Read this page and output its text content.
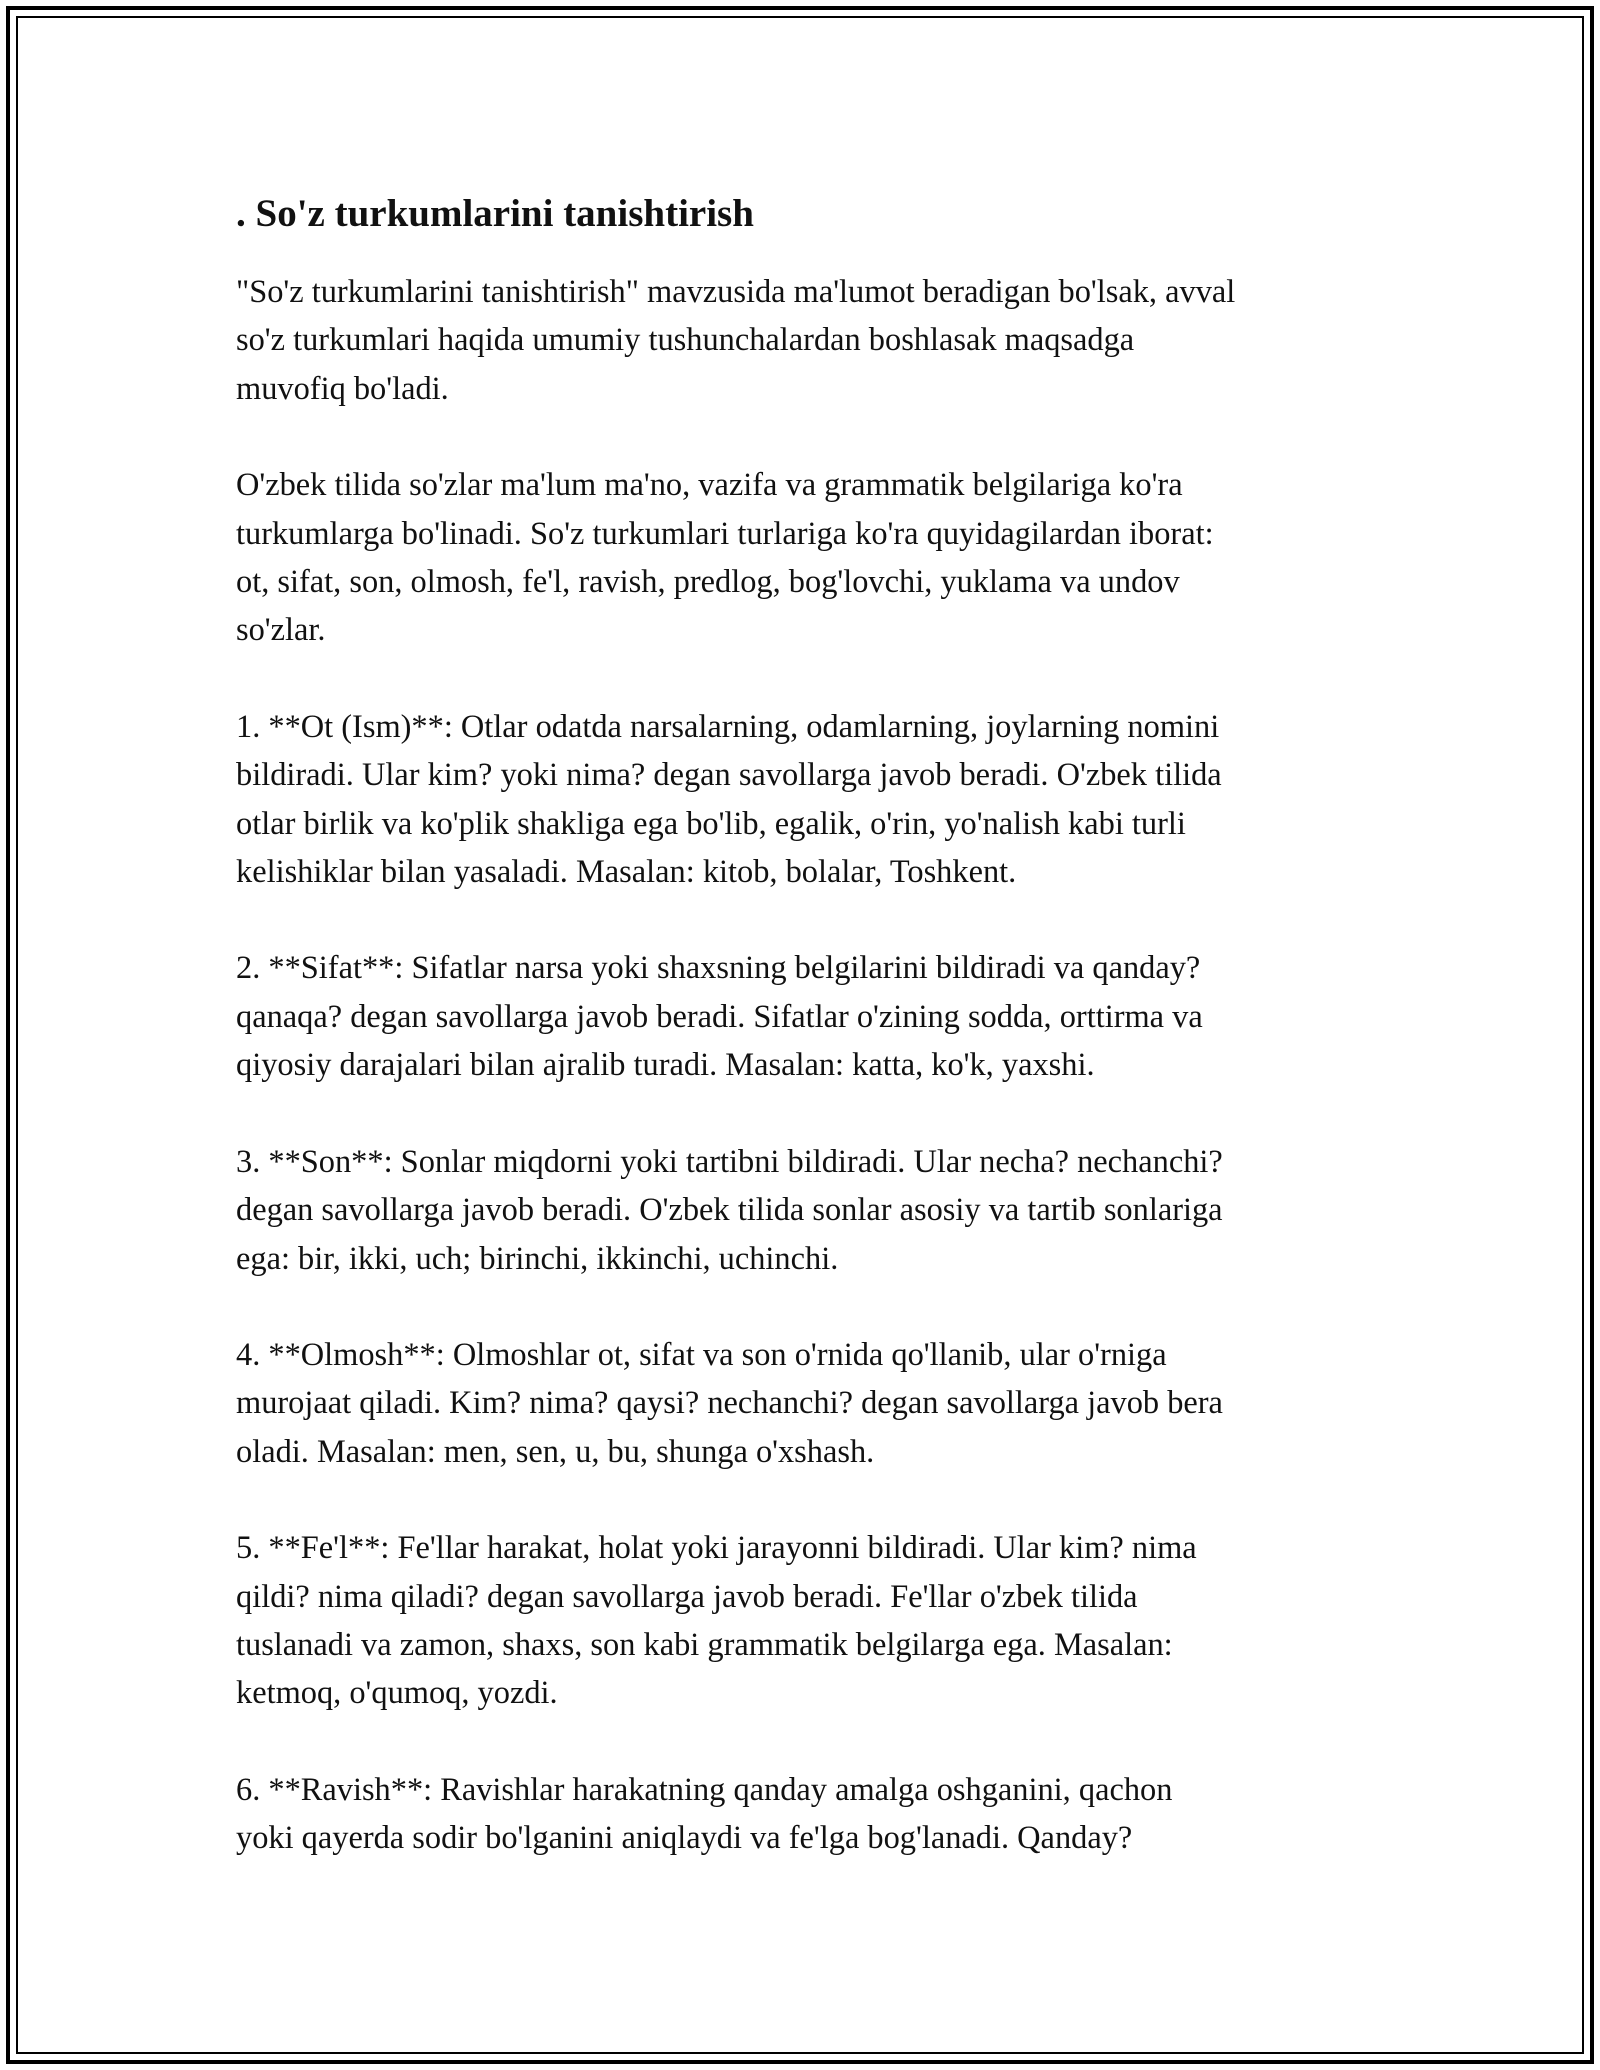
. So'z turkumlarini tanishtirish

"So'z turkumlarini tanishtirish" mavzusida ma'lumot beradigan bo'lsak, avval
so'z turkumlari haqida umumiy tushunchalardan boshlasak maqsadga
muvofiq bo'ladi.

O'zbek tilida so'zlar ma'lum ma'no, vazifa va grammatik belgilariga ko'ra
turkumlarga bo'linadi. So'z turkumlari turlariga ko'ra quyidagilardan iborat:
ot, sifat, son, olmosh, fe'l, ravish, predlog, bog'lovchi, yuklama va undov
so'zlar.

1. **Ot (Ism)**: Otlar odatda narsalarning, odamlarning, joylarning nomini
bildiradi. Ular kim? yoki nima? degan savollarga javob beradi. O'zbek tilida
otlar birlik va ko'plik shakliga ega bo'lib, egalik, o'rin, yo'nalish kabi turli
kelishiklar bilan yasaladi. Masalan: kitob, bolalar, Toshkent.

2. **Sifat**: Sifatlar narsa yoki shaxsning belgilarini bildiradi va qanday?
qanaqa? degan savollarga javob beradi. Sifatlar o'zining sodda, orttirma va
qiyosiy darajalari bilan ajralib turadi. Masalan: katta, ko'k, yaxshi.

3. **Son**: Sonlar miqdorni yoki tartibni bildiradi. Ular necha? nechanchi?
degan savollarga javob beradi. O'zbek tilida sonlar asosiy va tartib sonlariga
ega: bir, ikki, uch; birinchi, ikkinchi, uchinchi.

4. **Olmosh**: Olmoshlar ot, sifat va son o'rnida qo'llanib, ular o'rniga
murojaat qiladi. Kim? nima? qaysi? nechanchi? degan savollarga javob bera
oladi. Masalan: men, sen, u, bu, shunga o'xshash.

5. **Fe'l**: Fe'llar harakat, holat yoki jarayonni bildiradi. Ular kim? nima
qildi? nima qiladi? degan savollarga javob beradi. Fe'llar o'zbek tilida
tuslanadi va zamon, shaxs, son kabi grammatik belgilarga ega. Masalan:
ketmoq, o'qumoq, yozdi.

6. **Ravish**: Ravishlar harakatning qanday amalga oshganini, qachon
yoki qayerda sodir bo'lganini aniqlaydi va fe'lga bog'lanadi. Qanday?
